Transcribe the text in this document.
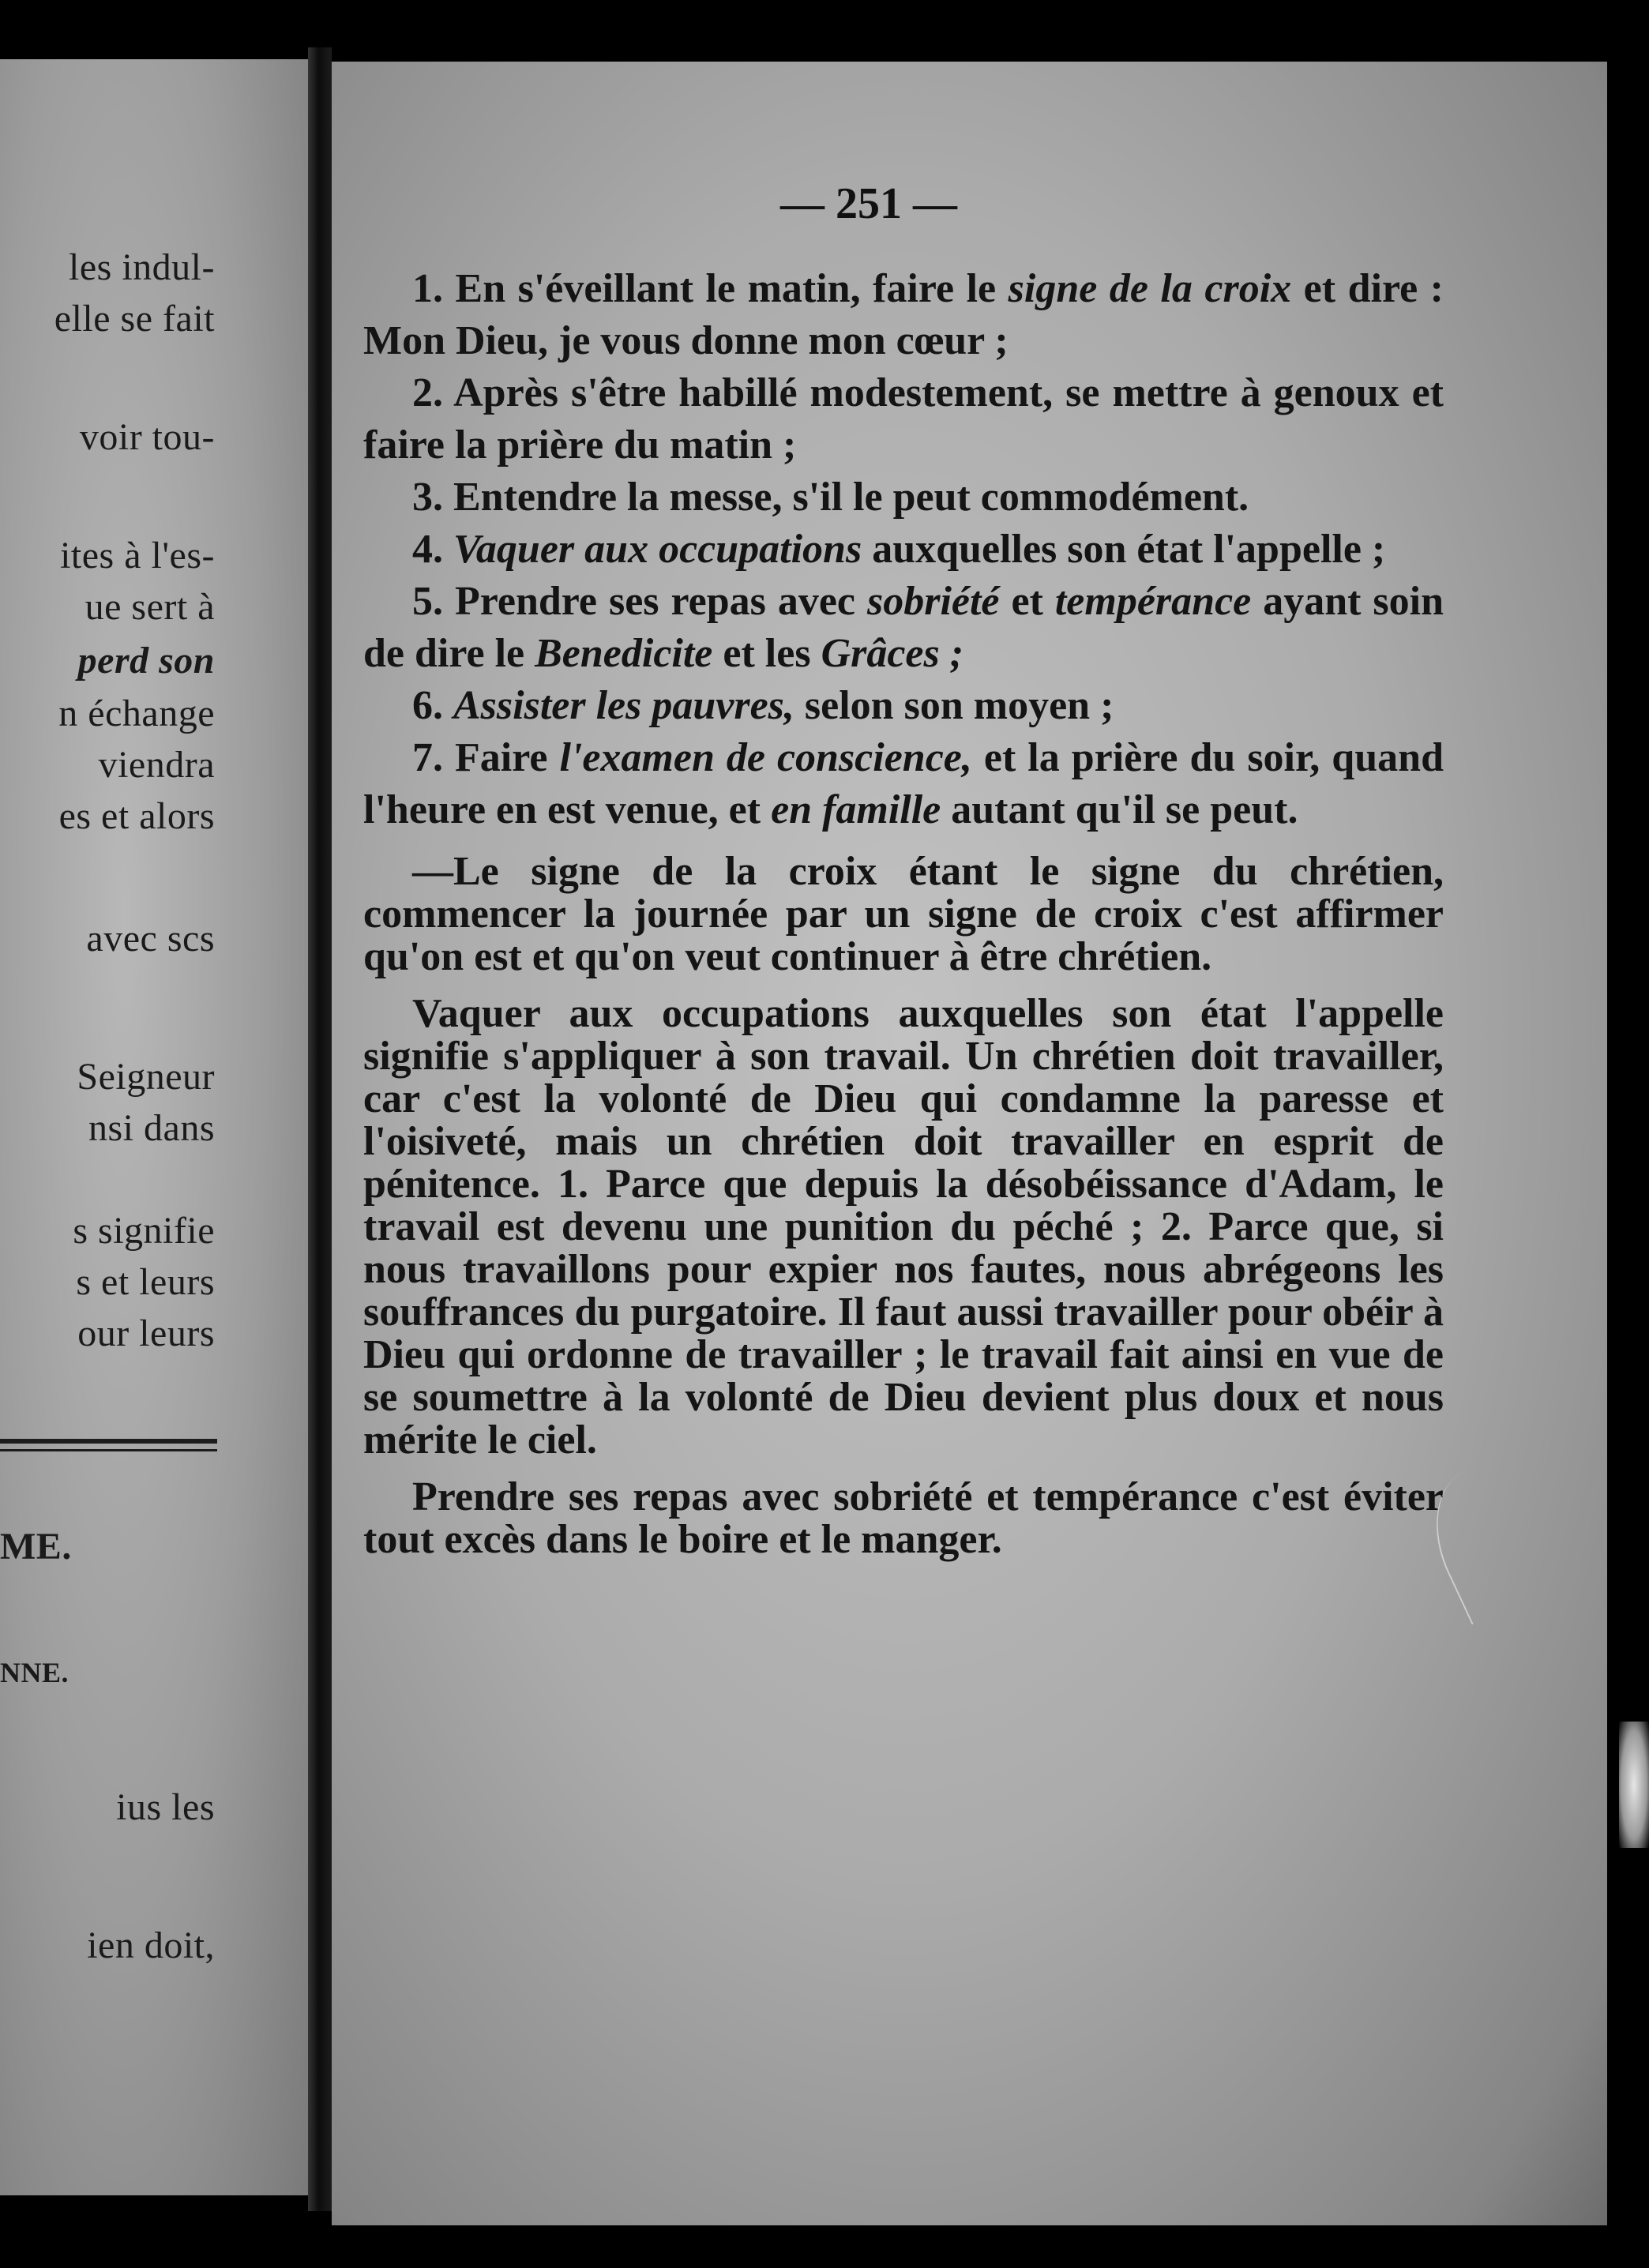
les indul-
elle se fait
voir tou-
ites à l'es-
ue sert à
perd son
n échange
viendra
es et alors
avec scs
Seigneur
nsi dans
s signifie
s et leurs
our leurs
ME.
NNE.
ius les
ien doit,
— 251 —

1. En s'éveillant le matin, faire le signe de la croix et dire : Mon Dieu, je vous donne mon cœur ;

2. Après s'être habillé modestement, se mettre à genoux et faire la prière du matin ;

3. Entendre la messe, s'il le peut commodément.

4. Vaquer aux occupations auxquelles son état l'appelle ;

5. Prendre ses repas avec sobriété et tempérance ayant soin de dire le Benedicite et les Grâces ;

6. Assister les pauvres, selon son moyen ;

7. Faire l'examen de conscience, et la prière du soir, quand l'heure en est venue, et en famille autant qu'il se peut.

—Le signe de la croix étant le signe du chrétien, commencer la journée par un signe de croix c'est affirmer qu'on est et qu'on veut continuer à être chrétien.

Vaquer aux occupations auxquelles son état l'appelle signifie s'appliquer à son travail. Un chrétien doit travailler, car c'est la volonté de Dieu qui condamne la paresse et l'oisiveté, mais un chrétien doit travailler en esprit de pénitence. 1. Parce que depuis la désobéissance d'Adam, le travail est devenu une punition du péché ; 2. Parce que, si nous travaillons pour expier nos fautes, nous abrégeons les souffrances du purgatoire. Il faut aussi travailler pour obéir à Dieu qui ordonne de travailler ; le travail fait ainsi en vue de se soumettre à la volonté de Dieu devient plus doux et nous mérite le ciel.

Prendre ses repas avec sobriété et tempérance c'est éviter tout excès dans le boire et le manger.
